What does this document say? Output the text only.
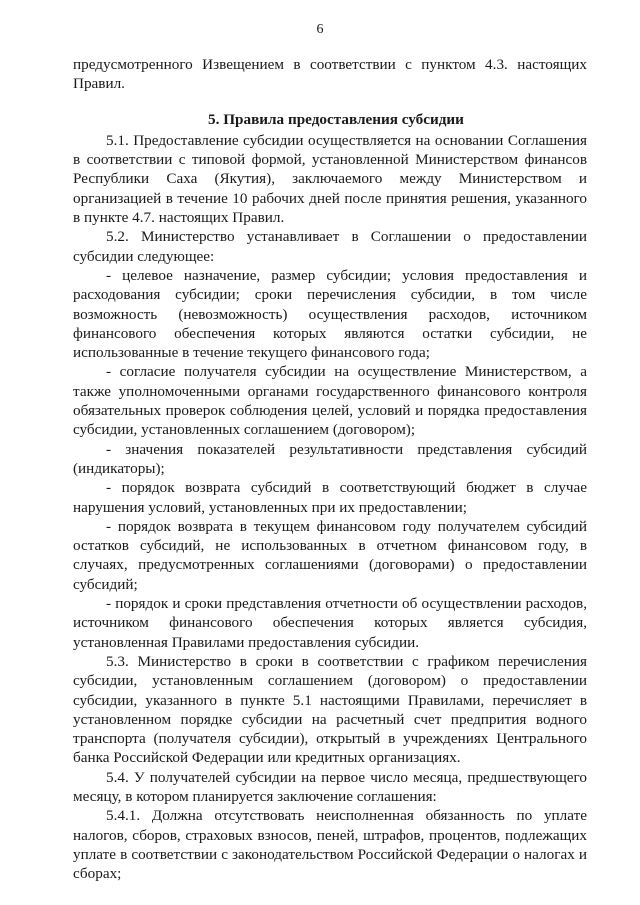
6

предусмотренного Извещением в соответствии с пунктом 4.3. настоящих Правил.

5. Правила предоставления субсидии

5.1. Предоставление субсидии осуществляется на основании Соглашения в соответствии с типовой формой, установленной Министерством финансов Республики Саха (Якутия), заключаемого между Министерством и организацией в течение 10 рабочих дней после принятия решения, указанного в пункте 4.7. настоящих Правил.

5.2. Министерство устанавливает в Соглашении о предоставлении субсидии следующее:

- целевое назначение, размер субсидии; условия предоставления и расходования субсидии; сроки перечисления субсидии, в том числе возможность (невозможность) осуществления расходов, источником финансового обеспечения которых являются остатки субсидии, не использованные в течение текущего финансового года;

- согласие получателя субсидии на осуществление Министерством, а также уполномоченными органами государственного финансового контроля обязательных проверок соблюдения целей, условий и порядка предоставления субсидии, установленных соглашением (договором);

- значения показателей результативности представления субсидий (индикаторы);

- порядок возврата субсидий в соответствующий бюджет в случае нарушения условий, установленных при их предоставлении;

- порядок возврата в текущем финансовом году получателем субсидий остатков субсидий, не использованных в отчетном финансовом году, в случаях, предусмотренных соглашениями (договорами) о предоставлении субсидий;

- порядок и сроки представления отчетности об осуществлении расходов, источником финансового обеспечения которых является субсидия, установленная Правилами предоставления субсидии.

5.3. Министерство в сроки в соответствии с графиком перечисления субсидии, установленным соглашением (договором) о предоставлении субсидии, указанного в пункте 5.1 настоящими Правилами, перечисляет в установленном порядке субсидии на расчетный счет предпрития водного транспорта (получателя субсидии), открытый в учреждениях Центрального банка Российской Федерации или кредитных организациях.

5.4. У получателей субсидии на первое число месяца, предшествующего месяцу, в котором планируется заключение соглашения:

5.4.1. Должна отсутствовать неисполненная обязанность по уплате налогов, сборов, страховых взносов, пеней, штрафов, процентов, подлежащих уплате в соответствии с законодательством Российской Федерации о налогах и сборах;
